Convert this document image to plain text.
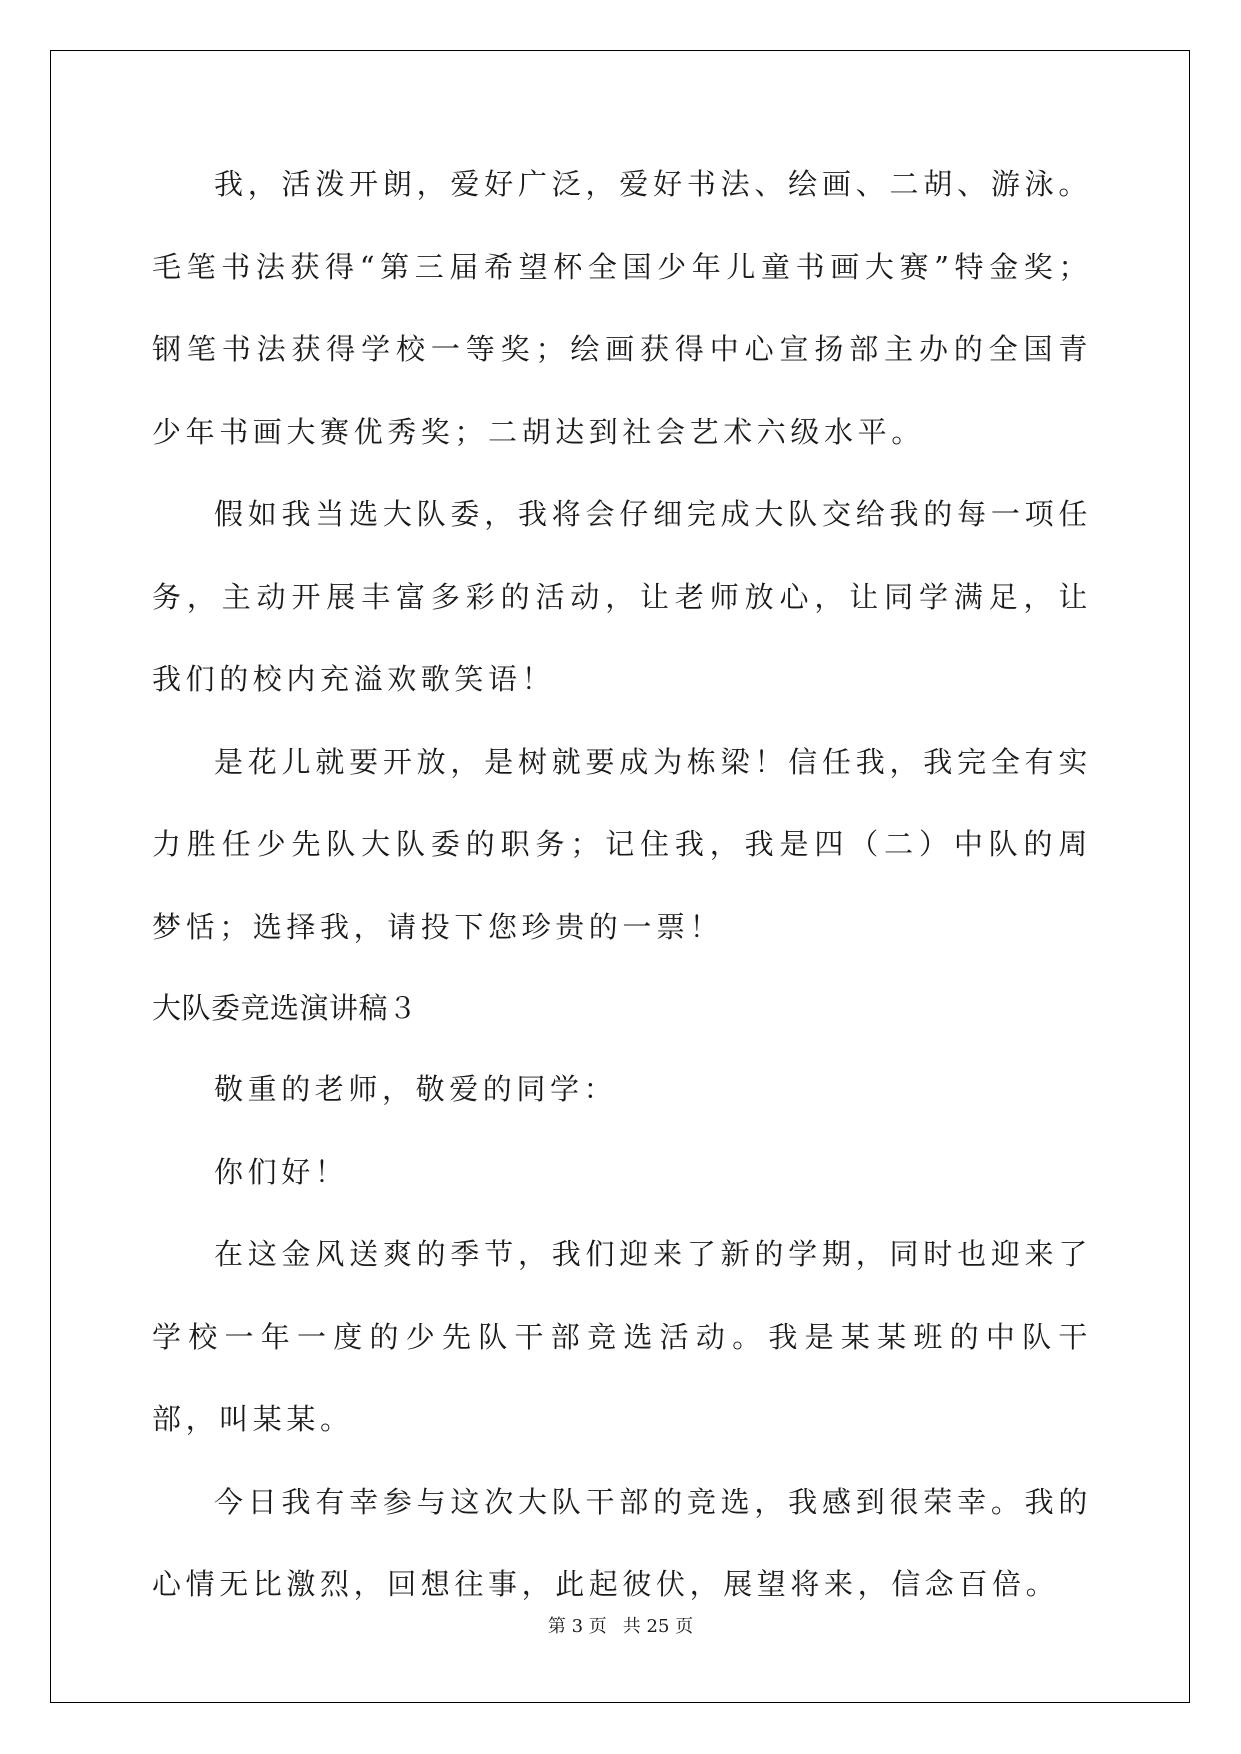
我，活泼开朗，爱好广泛，爱好书法、绘画、二胡、游泳。毛笔书法获得“第三届希望杯全国少年儿童书画大赛”特金奖；钢笔书法获得学校一等奖；绘画获得中心宣扬部主办的全国青少年书画大赛优秀奖；二胡达到社会艺术六级水平。

假如我当选大队委，我将会仔细完成大队交给我的每一项任务，主动开展丰富多彩的活动，让老师放心，让同学满足，让我们的校内充溢欢歌笑语！

是花儿就要开放，是树就要成为栋梁！信任我，我完全有实力胜任少先队大队委的职务；记住我，我是四（二）中队的周梦恬；选择我，请投下您珍贵的一票！

大队委竞选演讲稿３

敬重的老师，敬爱的同学：

你们好！

在这金风送爽的季节，我们迎来了新的学期，同时也迎来了学校一年一度的少先队干部竞选活动。我是某某班的中队干部，叫某某。

今日我有幸参与这次大队干部的竞选，我感到很荣幸。我的心情无比激烈，回想往事，此起彼伏，展望将来，信念百倍。

第 3 页 共 25 页
